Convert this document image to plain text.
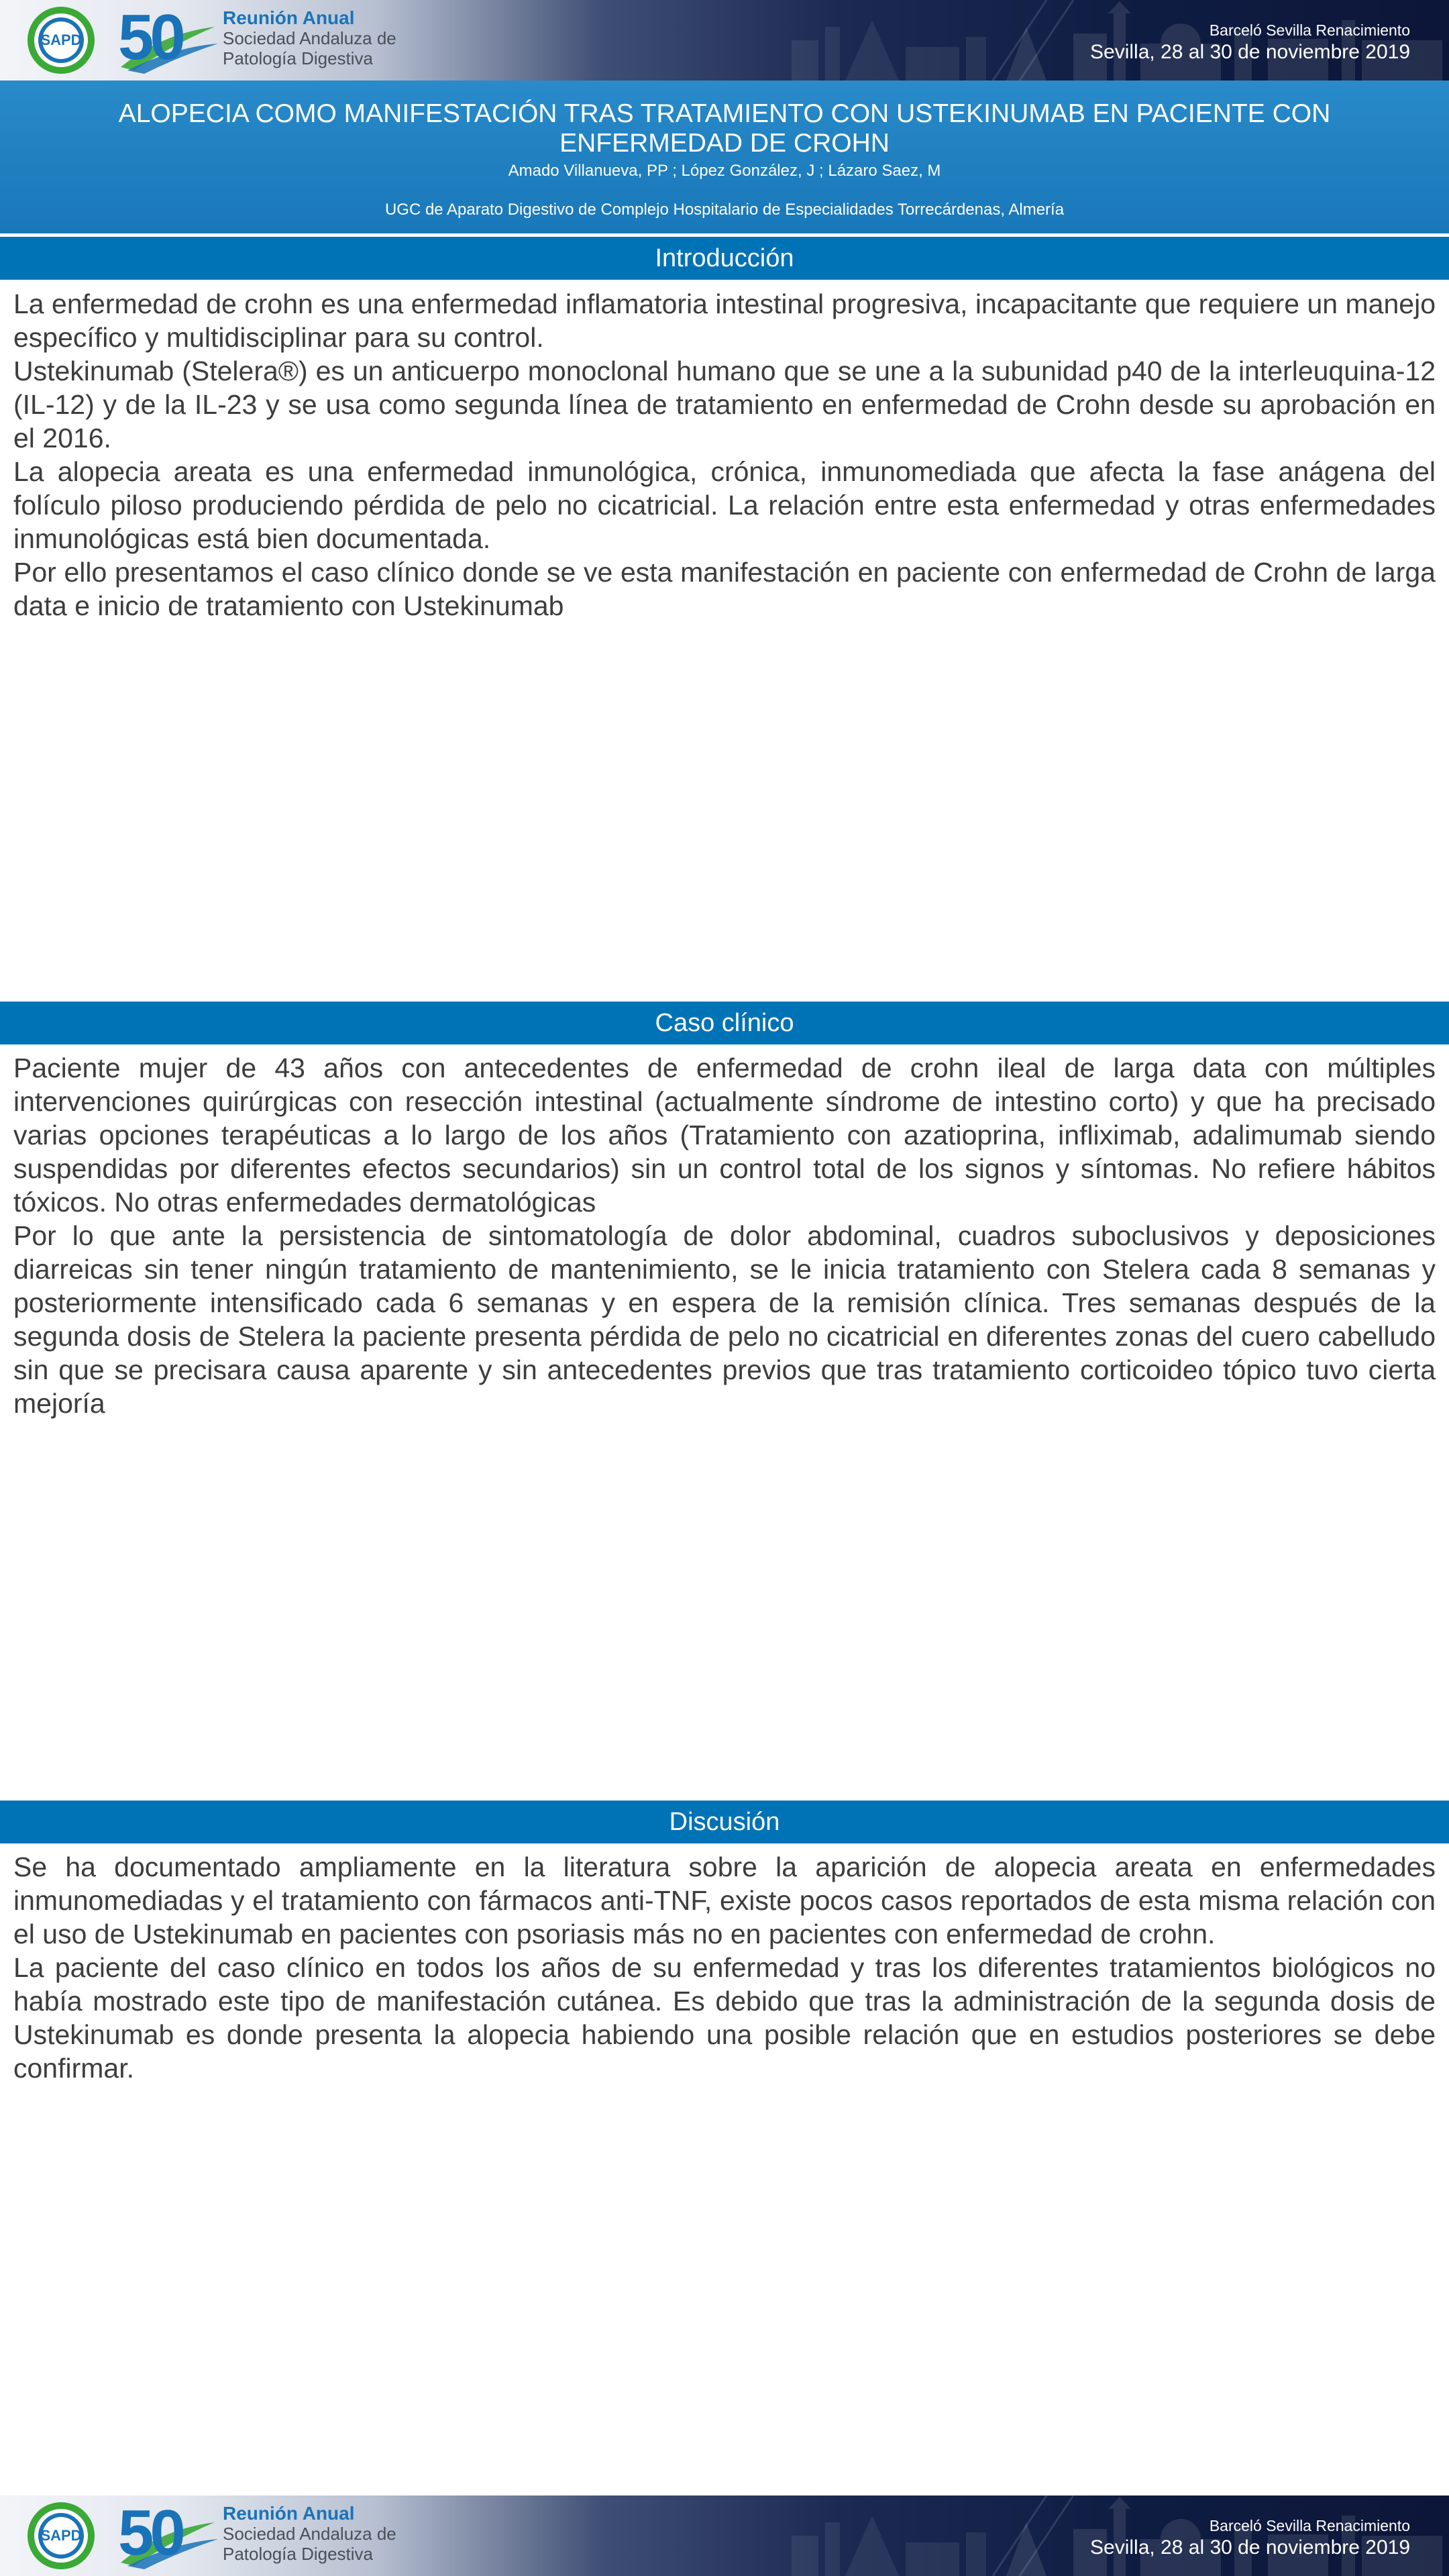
SAPD 50 Reunión Anual
Sociedad Andaluza de
Patología Digestiva
Barceló Sevilla Renacimiento
Sevilla, 28 al 30 de noviembre 2019
ALOPECIA COMO MANIFESTACIÓN TRAS TRATAMIENTO CON USTEKINUMAB EN PACIENTE CON ENFERMEDAD DE CROHN
Amado Villanueva, PP ; López González, J ; Lázaro Saez, M
UGC de Aparato Digestivo de Complejo Hospitalario de Especialidades Torrecárdenas, Almería
Introducción

La enfermedad de crohn es una enfermedad inflamatoria intestinal progresiva, incapacitante que requiere un manejo específico y multidisciplinar para su control.

Ustekinumab (Stelera®) es un anticuerpo monoclonal humano que se une a la subunidad p40 de la interleuquina-12 (IL-12) y de la IL-23 y se usa como segunda línea de tratamiento en enfermedad de Crohn desde su aprobación en el 2016.

La alopecia areata es una enfermedad inmunológica, crónica, inmunomediada que afecta la fase anágena del folículo piloso produciendo pérdida de pelo no cicatricial. La relación entre esta enfermedad y otras enfermedades inmunológicas está bien documentada.

Por ello presentamos el caso clínico donde se ve esta manifestación en paciente con enfermedad de Crohn de larga data e inicio de tratamiento con Ustekinumab

Caso clínico

Paciente mujer de 43 años con antecedentes de enfermedad de crohn ileal de larga data con múltiples intervenciones quirúrgicas con resección intestinal (actualmente síndrome de intestino corto) y que ha precisado varias opciones terapéuticas a lo largo de los años (Tratamiento con azatioprina, infliximab, adalimumab siendo suspendidas por diferentes efectos secundarios) sin un control total de los signos y síntomas. No refiere hábitos tóxicos. No otras enfermedades dermatológicas

Por lo que ante la persistencia de sintomatología de dolor abdominal, cuadros suboclusivos y deposiciones diarreicas sin tener ningún tratamiento de mantenimiento, se le inicia tratamiento con Stelera cada 8 semanas y posteriormente intensificado cada 6 semanas y en espera de la remisión clínica. Tres semanas después de la segunda dosis de Stelera la paciente presenta pérdida de pelo no cicatricial en diferentes zonas del cuero cabelludo sin que se precisara causa aparente y sin antecedentes previos que tras tratamiento corticoideo tópico tuvo cierta mejoría

Discusión

Se ha documentado ampliamente en la literatura sobre la aparición de alopecia areata en enfermedades inmunomediadas y el tratamiento con fármacos anti-TNF, existe pocos casos reportados de esta misma relación con el uso de Ustekinumab en pacientes con psoriasis más no en pacientes con enfermedad de crohn.

La paciente del caso clínico en todos los años de su enfermedad y tras los diferentes tratamientos biológicos no había mostrado este tipo de manifestación cutánea. Es debido que tras la administración de la segunda dosis de Ustekinumab es donde presenta la alopecia habiendo una posible relación que en estudios posteriores se debe confirmar.

SAPD 50 Reunión Anual
Sociedad Andaluza de
Patología Digestiva
Barceló Sevilla Renacimiento
Sevilla, 28 al 30 de noviembre 2019
